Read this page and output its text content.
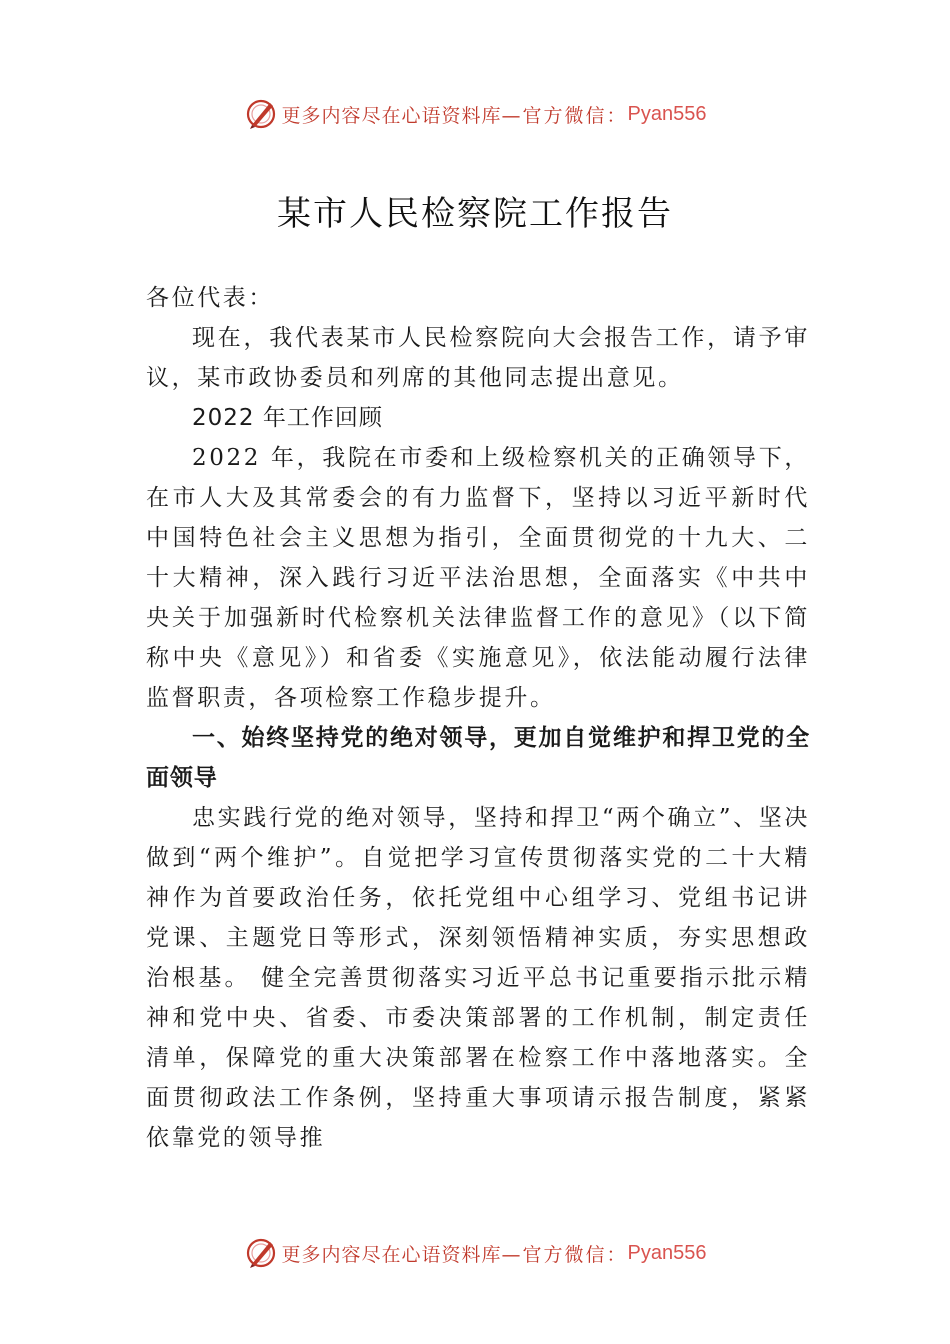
更多内容尽在心语资料库 —官方微信： Pyan556
某市人民检察院工作报告

各位代表：

现在，我代表某市人民检察院向大会报告工作，请予审议，某市政协委员和列席的其他同志提出意见。

2022 年工作回顾

2022 年，我院在市委和上级检察机关的正确领导下，在市人大及其常委会的有力监督下，坚持以习近平新时代中国特色社会主义思想为指引，全面贯彻党的十九大、二十大精神，深入践行习近平法治思想，全面落实《中共中央关于加强新时代检察机关法律监督工作的意见》（以下简称中央《意见》）和省委《实施意见》，依法能动履行法律监督职责，各项检察工作稳步提升。

一、始终坚持党的绝对领导，更加自觉维护和捍卫党的全面领导

忠实践行党的绝对领导，坚持和捍卫“两个确立”、坚决做到“两个维护”。自觉把学习宣传贯彻落实党的二十大精神作为首要政治任务，依托党组中心组学习、党组书记讲党课、主题党日等形式，深刻领悟精神实质，夯实思想政治根基。 健全完善贯彻落实习近平总书记重要指示批示精神和党中央、省委、市委决策部署的工作机制，制定责任清单，保障党的重大决策部署在检察工作中落地落实。全面贯彻政法工作条例，坚持重大事项请示报告制度，紧紧依靠党的领导推

更多内容尽在心语资料库 —官方微信： Pyan556
